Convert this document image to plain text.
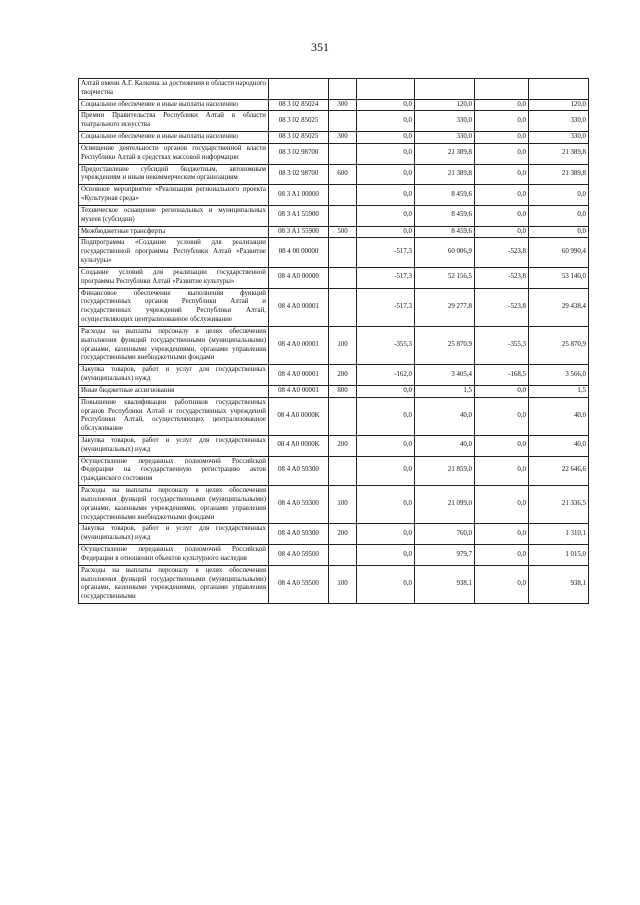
351
Алтай имени А.Г. Калкина за достижения в области народного творчества						
Социальное обеспечение и иные выплаты населению	08 3 02 85024	300	0,0	120,0	0,0	120,0
Премии Правительства Республики Алтай в области театрального искусства	08 3 02 85025		0,0	330,0	0,0	330,0
Социальное обеспечение и иные выплаты населению	08 3 02 85025	300	0,0	330,0	0,0	330,0
Освещение деятельности органов государственной власти Республики Алтай в средствах массовой информации	08 3 02 98700		0,0	21 389,8	0,0	21 389,8
Предоставление субсидий бюджетным, автономным учреждениям и иным некоммерческим организациям	08 3 02 98700	600	0,0	21 389,8	0,0	21 389,8
Основное мероприятие «Реализация регионального проекта «Культурная среда»	08 3 A1 00000		0,0	8 459,6	0,0	0,0
Техническое оснащение региональных и муниципальных музеев (субсидии)	08 3 A1 55900		0,0	8 459,6	0,0	0,0
Межбюджетные трансферты	08 3 A1 55900	500	0,0	8 459,6	0,0	0,0
Подпрограмма «Создание условий для реализации государственной программы Республики Алтай «Развитие культуры»	08 4 00 00000		-517,3	60 006,9	-523,8	60 990,4
Создание условий для реализации государственной программы Республики Алтай «Развитие культуры»	08 4 A0 00000		-517,3	52 156,5	-523,8	53 140,0
Финансовое обеспечение выполнения функций государственных органов Республики Алтай и государственных учреждений Республики Алтай, осуществляющих централизованное обслуживание	08 4 A0 00001		-517,3	29 277,8	-523,8	29 438,4
Расходы на выплаты персоналу в целях обеспечения выполнения функций государственными (муниципальными) органами, казенными учреждениями, органами управления государственными внебюджетными фондами	08 4 A0 00001	100	-355,3	25 870,9	-355,3	25 870,9
Закупка товаров, работ и услуг для государственных (муниципальных) нужд	08 4 A0 00001	200	-162,0	3 405,4	-168,5	3 566,0
Иные бюджетные ассигнования	08 4 A0 00001	800	0,0	1,5	0,0	1,5
Повышение квалификации работников государственных органов Республики Алтай и государственных учреждений Республики Алтай, осуществляющих централизованное обслуживание	08 4 A0 0000K		0,0	40,0	0,0	40,0
Закупка товаров, работ и услуг для государственных (муниципальных) нужд	08 4 A0 0000K	200	0,0	40,0	0,0	40,0
Осуществление переданных полномочий Российской Федерации на государственную регистрацию актов гражданского состояния	08 4 A0 59300		0,0	21 859,0	0,0	22 646,6
Расходы на выплаты персоналу в целях обеспечения выполнения функций государственными (муниципальными) органами, казенными учреждениями, органами управления государственными внебюджетными фондами	08 4 A0 59300	100	0,0	21 099,0	0,0	21 336,5
Закупка товаров, работ и услуг для государственных (муниципальных) нужд	08 4 A0 59300	200	0,0	760,0	0,0	1 310,1
Осуществление переданных полномочий Российской Федерации в отношении объектов культурного наследия	08 4 A0 59500		0,0	979,7	0,0	1 015,0
Расходы на выплаты персоналу в целях обеспечения выполнения функций государственными (муниципальными) органами, казенными учреждениями, органами управления государственными	08 4 A0 59500	100	0,0	938,1	0,0	938,1
